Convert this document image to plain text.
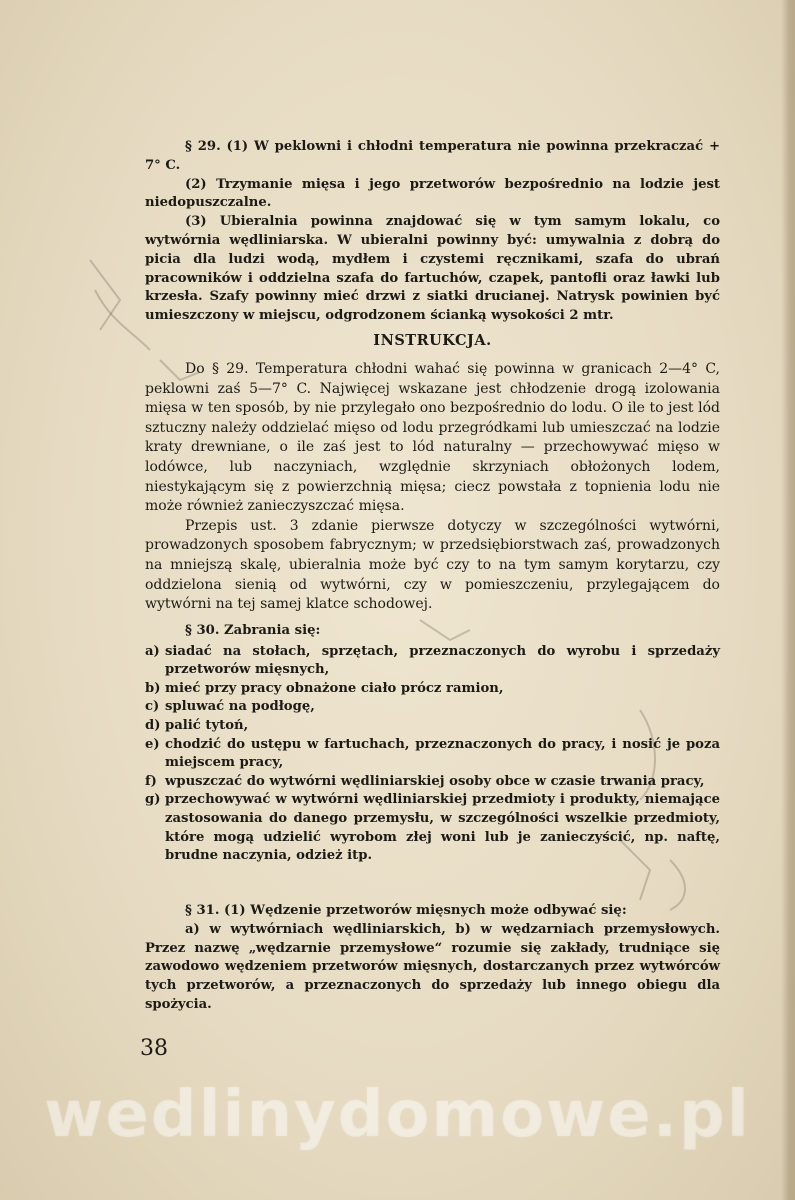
§ 29. (1) W peklowni i chłodni temperatura nie powinna przekraczać + 7° C.

(2) Trzymanie mięsa i jego przetworów bezpośrednio na lodzie jest niedopuszczalne.

(3) Ubieralnia powinna znajdować się w tym samym lokalu, co wytwórnia wędliniarska. W ubieralni powinny być: umywalnia z dobrą do picia dla ludzi wodą, mydłem i czystemi ręcznikami, szafa do ubrań pracowników i oddzielna szafa do fartuchów, czapek, pantofli oraz ławki lub krzesła. Szafy powinny mieć drzwi z siatki drucianej. Natrysk powinien być umieszczony w miejscu, odgrodzonem ścianką wysokości 2 mtr.

INSTRUKCJA.

Do § 29. Temperatura chłodni wahać się powinna w granicach 2—4° C, peklowni zaś 5—7° C. Najwięcej wskazane jest chłodzenie drogą izolowania mięsa w ten sposób, by nie przylegało ono bezpośrednio do lodu. O ile to jest lód sztuczny należy oddzielać mięso od lodu przegródkami lub umieszczać na lodzie kraty drewniane, o ile zaś jest to lód naturalny — przechowywać mięso w lodówce, lub naczyniach, względnie skrzyniach obłożonych lodem, niestykającym się z powierzchnią mięsa; ciecz powstała z topnienia lodu nie może również zanieczyszczać mięsa.

Przepis ust. 3 zdanie pierwsze dotyczy w szczególności wytwórni, prowadzonych sposobem fabrycznym; w przedsiębiorstwach zaś, prowadzonych na mniejszą skalę, ubieralnia może być czy to na tym samym korytarzu, czy oddzielona sienią od wytwórni, czy w pomieszczeniu, przylegającem do wytwórni na tej samej klatce schodowej.

§ 30. Zabrania się:

a) siadać na stołach, sprzętach, przeznaczonych do wyrobu i sprzedaży przetworów mięsnych,
b) mieć przy pracy obnażone ciało prócz ramion,
c) spluwać na podłogę,
d) palić tytoń,
e) chodzić do ustępu w fartuchach, przeznaczonych do pracy, i nosić je poza miejscem pracy,
f) wpuszczać do wytwórni wędliniarskiej osoby obce w czasie trwania pracy,
g) przechowywać w wytwórni wędliniarskiej przedmioty i produkty, niemające zastosowania do danego przemysłu, w szczególności wszelkie przedmioty, które mogą udzielić wyrobom złej woni lub je zanieczyścić, np. naftę, brudne naczynia, odzież itp.

§ 31. (1) Wędzenie przetworów mięsnych może odbywać się:

a) w wytwórniach wędliniarskich, b) w wędzarniach przemysłowych. Przez nazwę „wędzarnie przemysłowe“ rozumie się zakłady, trudniące się zawodowo wędzeniem przetworów mięsnych, dostarczanych przez wytwórców tych przetworów, a przeznaczonych do sprzedaży lub innego obiegu dla spożycia.

38
wedlinydomowe.pl
